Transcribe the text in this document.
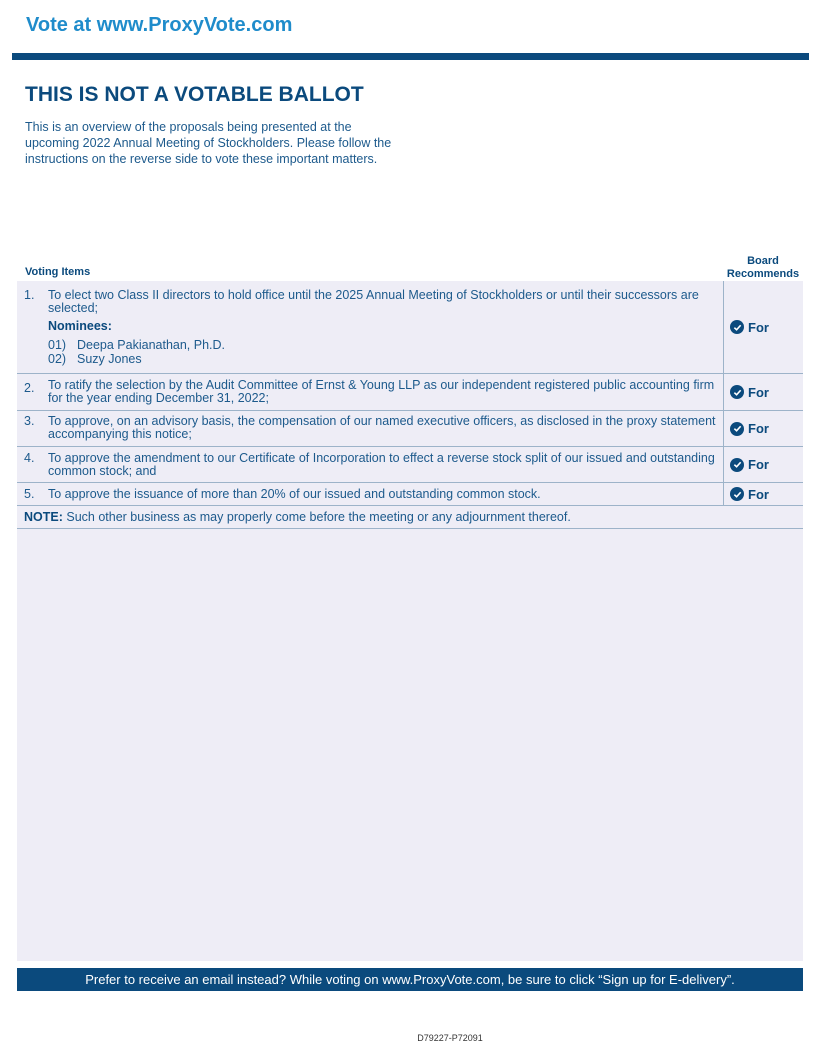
Vote at www.ProxyVote.com
THIS IS NOT A VOTABLE BALLOT
This is an overview of the proposals being presented at the upcoming 2022 Annual Meeting of Stockholders. Please follow the instructions on the reverse side to vote these important matters.
Voting Items
Board Recommends
1. To elect two Class II directors to hold office until the 2025 Annual Meeting of Stockholders or until their successors are selected;
Nominees:
01) Deepa Pakianathan, Ph.D.
02) Suzy Jones
For
2. To ratify the selection by the Audit Committee of Ernst & Young LLP as our independent registered public accounting firm for the year ending December 31, 2022;	For
3. To approve, on an advisory basis, the compensation of our named executive officers, as disclosed in the proxy statement accompanying this notice;	For
4. To approve the amendment to our Certificate of Incorporation to effect a reverse stock split of our issued and outstanding common stock; and	For
5. To approve the issuance of more than 20% of our issued and outstanding common stock.	For
NOTE: Such other business as may properly come before the meeting or any adjournment thereof.
Prefer to receive an email instead? While voting on www.ProxyVote.com, be sure to click “Sign up for E-delivery”.
D79227-P72091
